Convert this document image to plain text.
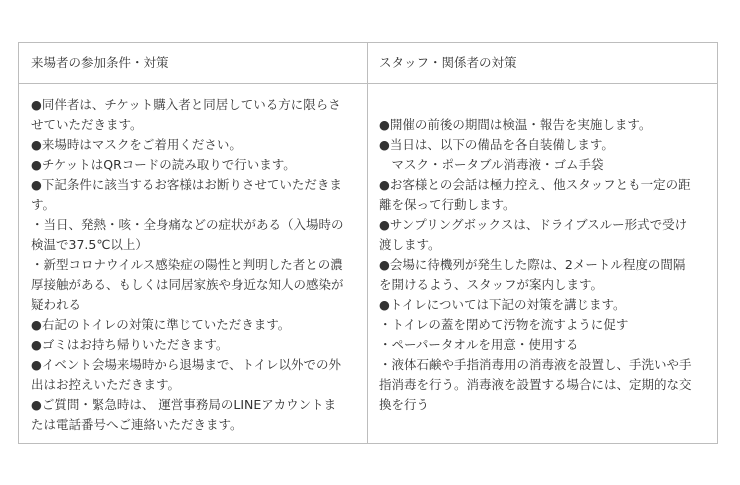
来場者の参加条件・対策	スタッフ・関係者の対策
●同伴者は、チケット購入者と同居している方に限らさ
せていただきます。
●来場時はマスクをご着用ください。
●チケットはQRコードの読み取りで行います。
●下記条件に該当するお客様はお断りさせていただきま
す。
・当日、発熱・咳・全身痛などの症状がある（入場時の
検温で37.5℃以上）
・新型コロナウイルス感染症の陽性と判明した者との濃
厚接触がある、もしくは同居家族や身近な知人の感染が
疑われる
●右記のトイレの対策に準じていただきます。
●ゴミはお持ち帰りいただきます。
●イベント会場来場時から退場まで、トイレ以外での外
出はお控えいただきます。
●ご質問・緊急時は、 運営事務局のLINEアカウントま
たは電話番号へご連絡いただきます。
●開催の前後の期間は検温・報告を実施します。
●当日は、以下の備品を各自装備します。
　マスク・ポータブル消毒液・ゴム手袋
●お客様との会話は極力控え、他スタッフとも一定の距
離を保って行動します。
●サンプリングボックスは、ドライブスルー形式で受け
渡します。
●会場に待機列が発生した際は、2メートル程度の間隔
を開けるよう、スタッフが案内します。
●トイレについては下記の対策を講じます。
・トイレの蓋を閉めて汚物を流すように促す
・ペーパータオルを用意・使用する
・液体石鹸や手指消毒用の消毒液を設置し、手洗いや手
指消毒を行う。消毒液を設置する場合には、定期的な交
換を行う
